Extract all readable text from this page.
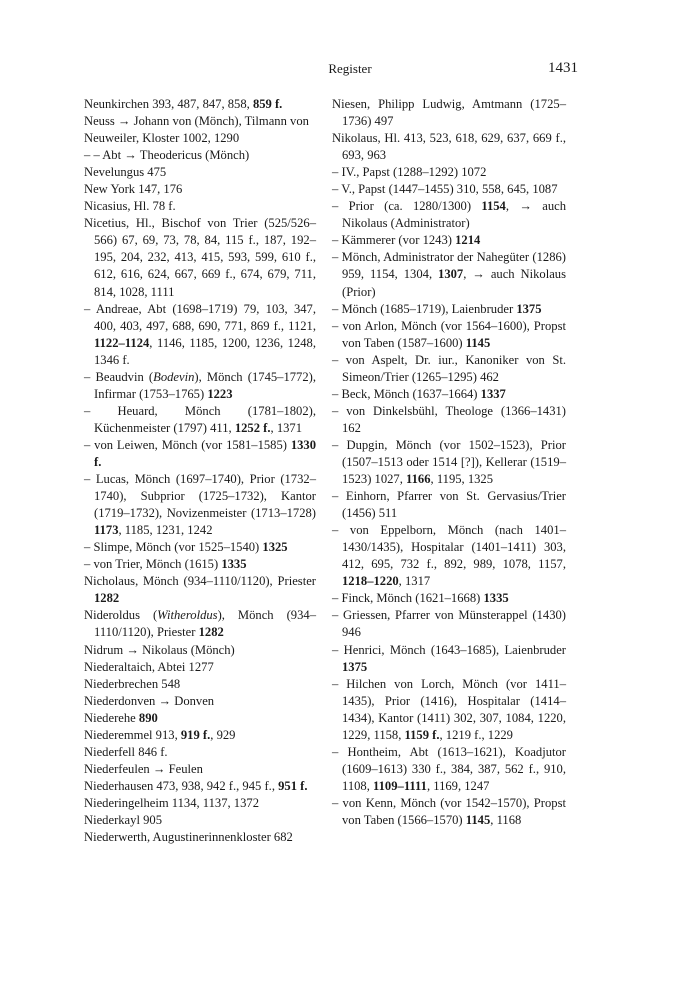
Register	1431

Neunkirchen 393, 487, 847, 858, 859 f.

Neuss → Johann von (Mönch), Tilmann von

Neuweiler, Kloster 1002, 1290

– – Abt → Theodericus (Mönch)

Nevelungus 475

New York 147, 176

Nicasius, Hl. 78 f.

Nicetius, Hl., Bischof von Trier (525/526–566) 67, 69, 73, 78, 84, 115 f., 187, 192–195, 204, 232, 413, 415, 593, 599, 610 f., 612, 616, 624, 667, 669 f., 674, 679, 711, 814, 1028, 1111

– Andreae, Abt (1698–1719) 79, 103, 347, 400, 403, 497, 688, 690, 771, 869 f., 1121, 1122–1124, 1146, 1185, 1200, 1236, 1248, 1346 f.

– Beaudvin (Bodevin), Mönch (1745–1772), Infirmar (1753–1765) 1223

– Heuard, Mönch (1781–1802), Küchenmeister (1797) 411, 1252 f., 1371

– von Leiwen, Mönch (vor 1581–1585) 1330 f.

– Lucas, Mönch (1697–1740), Prior (1732–1740), Subprior (1725–1732), Kantor (1719–1732), Novizenmeister (1713–1728) 1173, 1185, 1231, 1242

– Slimpe, Mönch (vor 1525–1540) 1325

– von Trier, Mönch (1615) 1335

Nicholaus, Mönch (934–1110/1120), Priester 1282

Nideroldus (Witheroldus), Mönch (934–1110/1120), Priester 1282

Nidrum → Nikolaus (Mönch)

Niederaltaich, Abtei 1277

Niederbrechen 548

Niederdonven → Donven

Niederehe 890

Niederemmel 913, 919 f., 929

Niederfell 846 f.

Niederfeulen → Feulen

Niederhausen 473, 938, 942 f., 945 f., 951 f.

Niederingelheim 1134, 1137, 1372

Niederkayl 905

Niederwerth, Augustinerinnenkloster 682

Niesen, Philipp Ludwig, Amtmann (1725–1736) 497

Nikolaus, Hl. 413, 523, 618, 629, 637, 669 f., 693, 963

– IV., Papst (1288–1292) 1072

– V., Papst (1447–1455) 310, 558, 645, 1087

– Prior (ca. 1280/1300) 1154, → auch Nikolaus (Administrator)

– Kämmerer (vor 1243) 1214

– Mönch, Administrator der Nahegüter (1286) 959, 1154, 1304, 1307, → auch Nikolaus (Prior)

– Mönch (1685–1719), Laienbruder 1375

– von Arlon, Mönch (vor 1564–1600), Propst von Taben (1587–1600) 1145

– von Aspelt, Dr. iur., Kanoniker von St. Simeon/Trier (1265–1295) 462

– Beck, Mönch (1637–1664) 1337

– von Dinkelsbühl, Theologe (1366–1431) 162

– Dupgin, Mönch (vor 1502–1523), Prior (1507–1513 oder 1514 [?]), Kellerar (1519–1523) 1027, 1166, 1195, 1325

– Einhorn, Pfarrer von St. Gervasius/Trier (1456) 511

– von Eppelborn, Mönch (nach 1401–1430/1435), Hospitalar (1401–1411) 303, 412, 695, 732 f., 892, 989, 1078, 1157, 1218–1220, 1317

– Finck, Mönch (1621–1668) 1335

– Griessen, Pfarrer von Münsterappel (1430) 946

– Henrici, Mönch (1643–1685), Laienbruder 1375

– Hilchen von Lorch, Mönch (vor 1411–1435), Prior (1416), Hospitalar (1414–1434), Kantor (1411) 302, 307, 1084, 1220, 1229, 1158, 1159 f., 1219 f., 1229

– Hontheim, Abt (1613–1621), Koadjutor (1609–1613) 330 f., 384, 387, 562 f., 910, 1108, 1109–1111, 1169, 1247

– von Kenn, Mönch (vor 1542–1570), Propst von Taben (1566–1570) 1145, 1168
